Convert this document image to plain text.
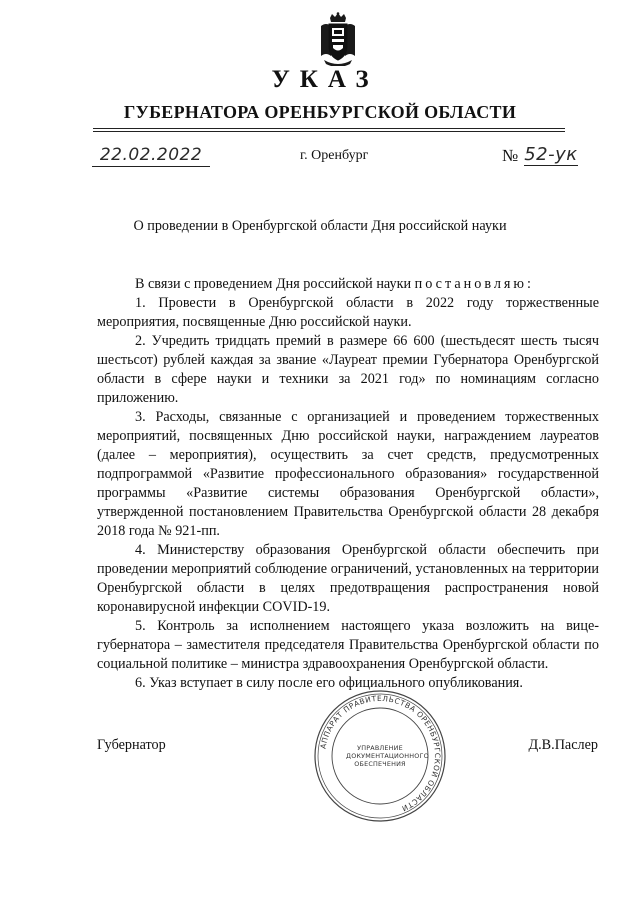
УКАЗ
ГУБЕРНАТОРА ОРЕНБУРГСКОЙ ОБЛАСТИ
22.02.2022	г. Оренбург	№ 52-ук
О проведении в Оренбургской области Дня российской науки

В связи с проведением Дня российской науки постановляю:

1. Провести в Оренбургской области в 2022 году торжественные мероприятия, посвященные Дню российской науки.

2. Учредить тридцать премий в размере 66 600 (шестьдесят шесть тысяч шестьсот) рублей каждая за звание «Лауреат премии Губернатора Оренбургской области в сфере науки и техники за 2021 год» по номинациям согласно приложению.

3. Расходы, связанные с организацией и проведением торжественных мероприятий, посвященных Дню российской науки, награждением лауреатов (далее – мероприятия), осуществить за счет средств, предусмотренных подпрограммой «Развитие профессионального образования» государственной программы «Развитие системы образования Оренбургской области», утвержденной постановлением Правительства Оренбургской области 28 декабря 2018 года № 921-пп.

4. Министерству образования Оренбургской области обеспечить при проведении мероприятий соблюдение ограничений, установленных на территории Оренбургской области в целях предотвращения распространения новой коронавирусной инфекции COVID-19.

5. Контроль за исполнением настоящего указа возложить на вице-губернатора – заместителя председателя Правительства Оренбургской области по социальной политике – министра здравоохранения Оренбургской области.

6. Указ вступает в силу после его официального опубликования.

АППАРАТ ПРАВИТЕЛЬСТВА ОРЕНБУРГСКОЙ ОБЛАСТИ
УПРАВЛЕНИЕ
ДОКУМЕНТАЦИОННОГО
ОБЕСПЕЧЕНИЯ
Губернатор	Д.В.Паслер
